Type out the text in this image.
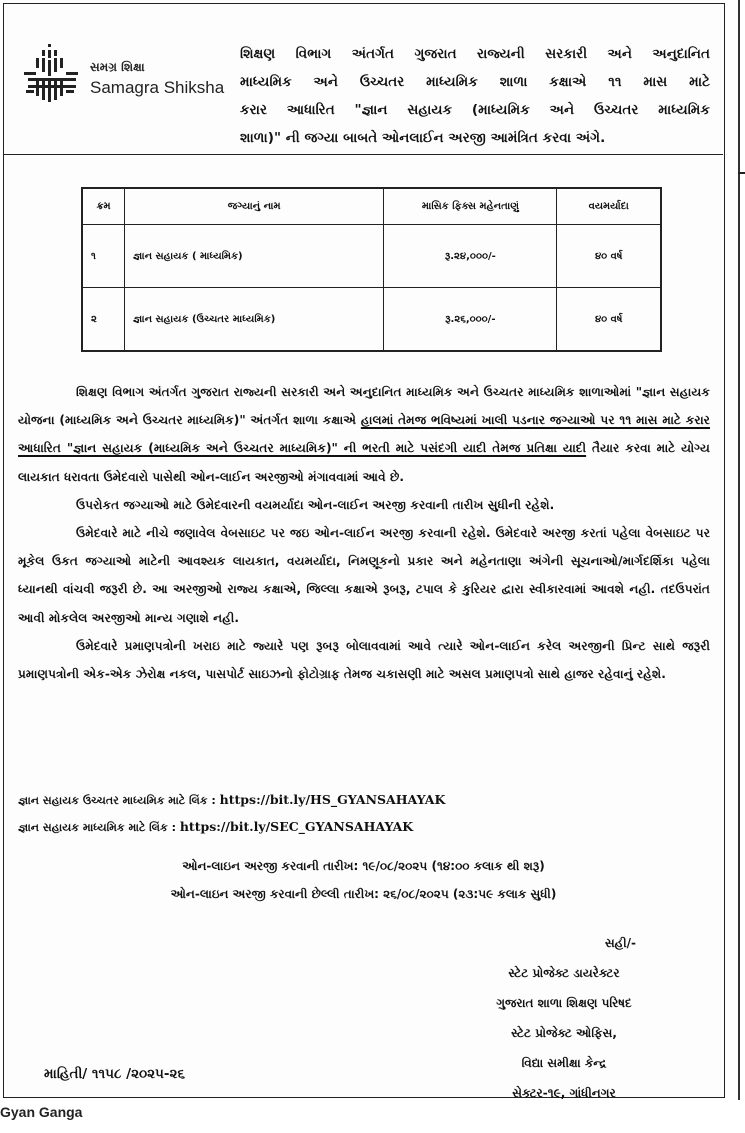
સમગ્ર શિક્ષા
Samagra Shiksha
શિક્ષણ વિભાગ અંતર્ગત ગુજરાત રાજ્યની સરકારી અને અનુદાનિત
માધ્યમિક અને ઉચ્ચતર માધ્યમિક શાળા કક્ષાએ ૧૧ માસ માટે
કરાર આધારિત "જ્ઞાન સહાયક (માધ્યમિક અને ઉચ્ચતર માધ્યમિક
શાળા)" ની જગ્યા બાબતે ઓનલાઈન અરજી આમંત્રિત કરવા અંગે.
ક્રમ	જગ્યાનું નામ	માસિક ફિક્સ મહેનતાણું	વયમર્યાદા
૧	જ્ઞાન સહાયક ( માધ્યમિક)	રૂ.૨૪,૦૦૦/-	૪૦ વર્ષ
૨	જ્ઞાન સહાયક (ઉચ્ચતર માધ્યમિક)	રૂ.૨૬,૦૦૦/-	૪૦ વર્ષ

શિક્ષણ વિભાગ અંતર્ગત ગુજરાત રાજ્યની સરકારી અને અનુદાનિત માધ્યમિક અને ઉચ્ચતર માધ્યમિક શાળાઓમાં "જ્ઞાન સહાયક યોજના (માધ્યમિક અને ઉચ્ચતર માધ્યમિક)" અંતર્ગત શાળા કક્ષાએ હાલમાં તેમજ ભવિષ્યમાં ખાલી પડનાર જગ્યાઓ પર ૧૧ માસ માટે કરાર આધારિત "જ્ઞાન સહાયક (માધ્યમિક અને ઉચ્ચતર માધ્યમિક)" ની ભરતી માટે પસંદગી યાદી તેમજ પ્રતિક્ષા યાદી તૈયાર કરવા માટે યોગ્ય લાયકાત ધરાવતા ઉમેદવારો પાસેથી ઓન-લાઈન અરજીઓ મંગાવવામાં આવે છે.

ઉપરોકત જગ્યાઓ માટે ઉમેદવારની વયમર્યાદા ઓન-લાઈન અરજી કરવાની તારીખ સુધીની રહેશે.

ઉમેદવારે માટે નીચે જણાવેલ વેબસાઇટ પર જઇ ઓન-લાઈન અરજી કરવાની રહેશે. ઉમેદવારે અરજી કરતાં પહેલા વેબસાઇટ પર મૂકેલ ઉકત જગ્યાઓ માટેની આવશ્યક લાયકાત, વયમર્યાદા, નિમણૂકનો પ્રકાર અને મહેનતાણા અંગેની સૂચનાઓ/માર્ગદર્શિકા પહેલા ધ્યાનથી વાંચવી જરૂરી છે. આ અરજીઓ રાજ્ય કક્ષાએ, જિલ્લા કક્ષાએ રૂબરૂ, ટપાલ કે કુરિયર દ્વારા સ્વીકારવામાં આવશે નહી. તદઉપરાંત આવી મોકલેલ અરજીઓ માન્ય ગણાશે નહી.

ઉમેદવારે પ્રમાણપત્રોની ખરાઇ માટે જ્યારે પણ રૂબરૂ બોલાવવામાં આવે ત્યારે ઓન-લાઈન કરેલ અરજીની પ્રિન્ટ સાથે જરૂરી પ્રમાણપત્રોની એક-એક ઝેરોક્ષ નકલ, પાસપોર્ટ સાઇઝનો ફોટોગ્રાફ તેમજ ચકાસણી માટે અસલ પ્રમાણપત્રો સાથે હાજર રહેવાનું રહેશે.

જ્ઞાન સહાયક ઉચ્ચતર માધ્યમિક માટે લિંક : https://bit.ly/HS_GYANSAHAYAK
જ્ઞાન સહાયક માધ્યમિક માટે લિંક : https://bit.ly/SEC_GYANSAHAYAK
ઓન-લાઇન અરજી કરવાની તારીખ: ૧૯/૦૮/૨૦૨૫ (૧૪:૦૦ કલાક થી શરૂ)
ઓન-લાઇન અરજી કરવાની છેલ્લી તારીખ: ૨૬/૦૮/૨૦૨૫ (૨૩:૫૯ કલાક સુધી)
સહી/-
સ્ટેટ પ્રોજેક્ટ ડાયરેક્ટર
ગુજરાત શાળા શિક્ષણ પરિષદ
સ્ટેટ પ્રોજેક્ટ ઓફિસ,
વિદ્યા સમીક્ષા કેન્દ્ર
સેક્ટર-૧૯, ગાંધીનગર
માહિતી/ ૧૧૫૮ /૨૦૨૫-૨૬
Gyan Ganga
